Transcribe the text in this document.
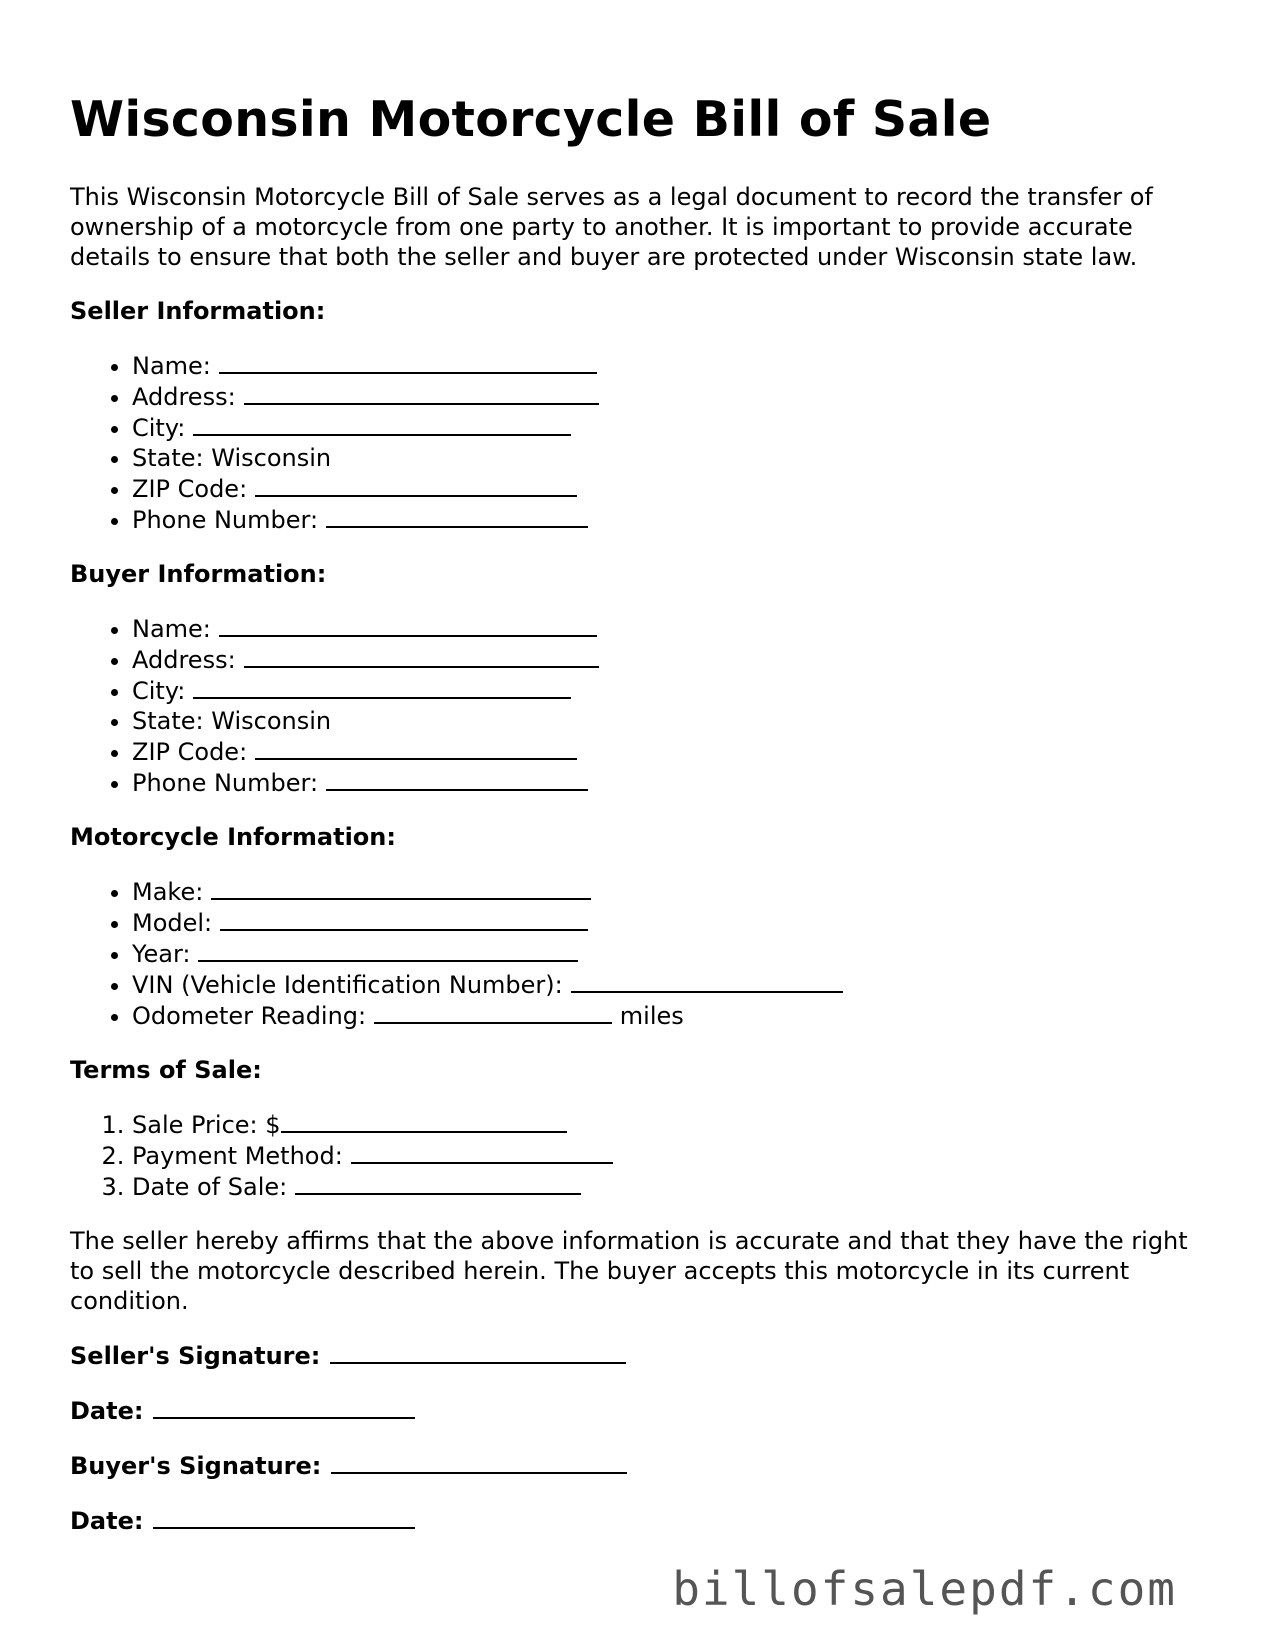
Wisconsin Motorcycle Bill of Sale

This Wisconsin Motorcycle Bill of Sale serves as a legal document to record the transfer of ownership of a motorcycle from one party to another. It is important to provide accurate details to ensure that both the seller and buyer are protected under Wisconsin state law.

Seller Information:
• Name:
• Address:
• City:
• State: Wisconsin
• ZIP Code:
• Phone Number:
Buyer Information:
• Name:
• Address:
• City:
• State: Wisconsin
• ZIP Code:
• Phone Number:
Motorcycle Information:
• Make:
• Model:
• Year:
• VIN (Vehicle Identification Number):
• Odometer Reading:	miles
Terms of Sale:
1. Sale Price: $
2. Payment Method:
3. Date of Sale:

The seller hereby affirms that the above information is accurate and that they have the right to sell the motorcycle described herein. The buyer accepts this motorcycle in its current condition.

Seller's Signature:
Date:
Buyer's Signature:
Date:
billofsalepdf.com
